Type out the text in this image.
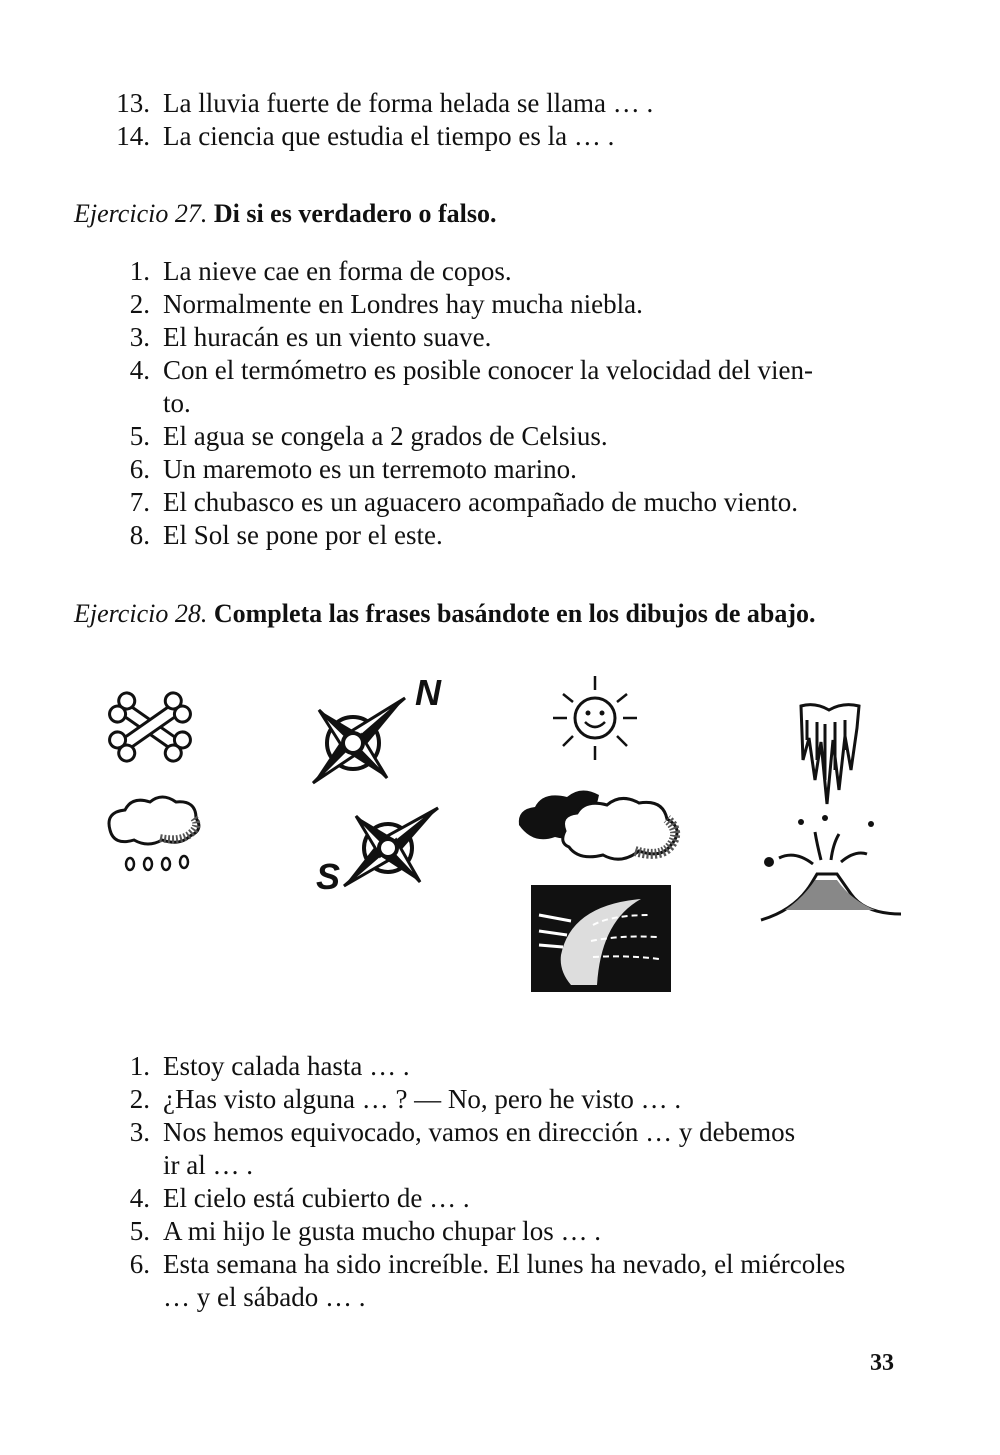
13. La lluvia fuerte de forma helada se llama … .
14. La ciencia que estudia el tiempo es la … .
Ejercicio 27. Di si es verdadero o falso.
1. La nieve cae en forma de copos.
2. Normalmente en Londres hay mucha niebla.
3. El huracán es un viento suave.
4. Con el termómetro es posible conocer la velocidad del vien-
to.
5. El agua se congela a 2 grados de Celsius.
6. Un maremoto es un terremoto marino.
7. El chubasco es un aguacero acompañado de mucho viento.
8. El Sol se pone por el este.
Ejercicio 28. Completa las frases basándote en los dibujos de abajo.
N
S
1. Estoy calada hasta … .
2. ¿Has visto alguna … ? — No, pero he visto … .
3. Nos hemos equivocado, vamos en dirección … y debemos
ir al … .
4. El cielo está cubierto de … .
5. A mi hijo le gusta mucho chupar los … .
6. Esta semana ha sido increíble. El lunes ha nevado, el miércoles
… y el sábado … .
33
